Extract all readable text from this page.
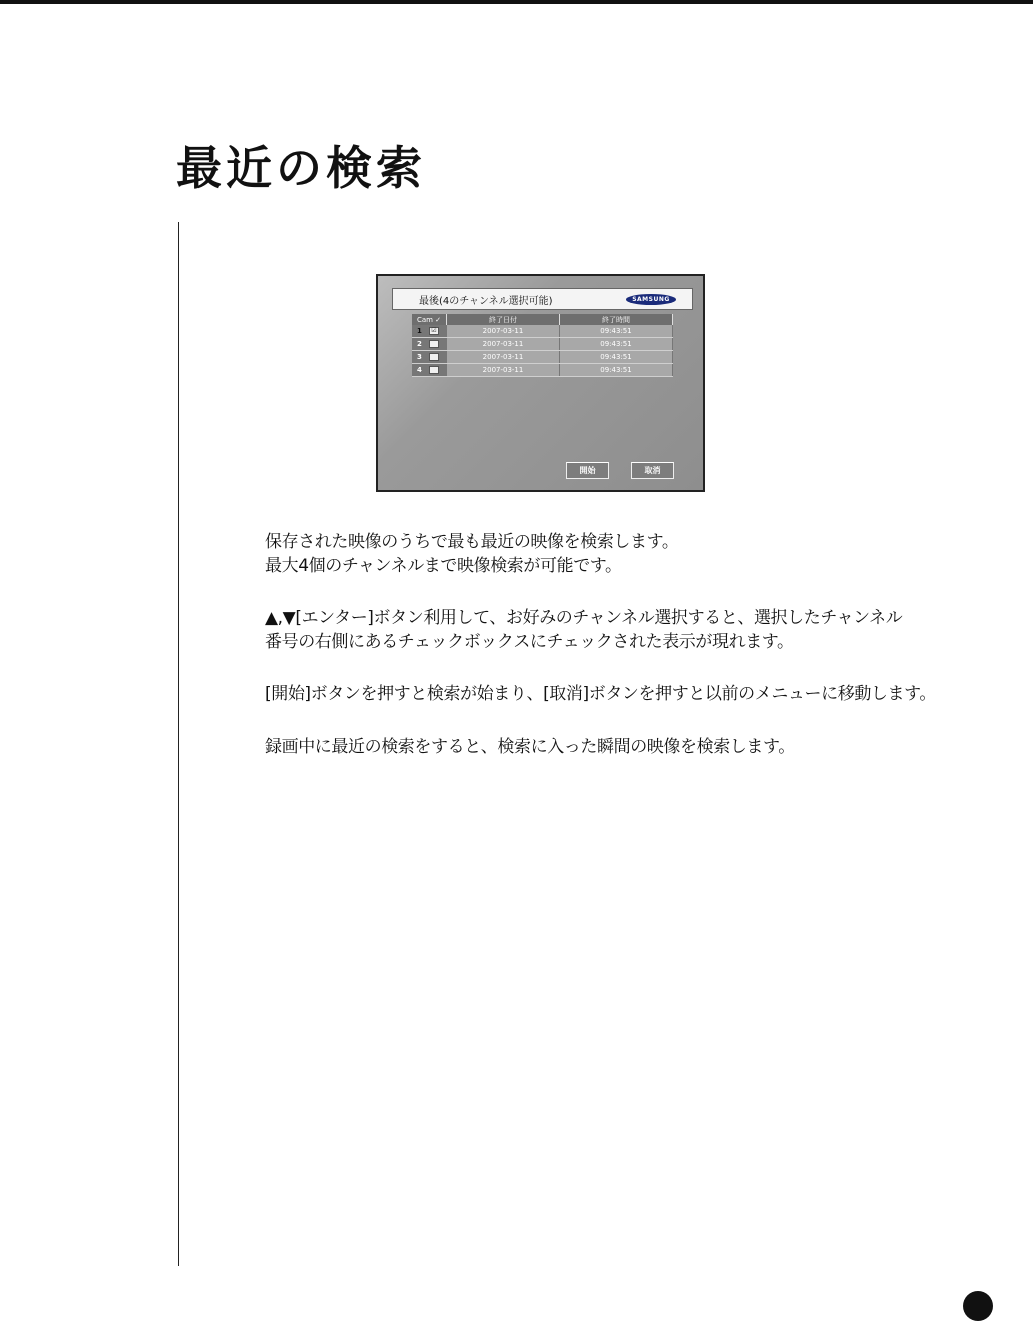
最近の検索
最後(4のチャンネル選択可能)	SAMSUNG
Cam ✓	終了日付	終了時間
1 ☑	2007-03-11	09:43:51
2	2007-03-11	09:43:51
3	2007-03-11	09:43:51
4	2007-03-11	09:43:51
開始	取消

保存された映像のうちで最も最近の映像を検索します。

最大4個のチャンネルまで映像検索が可能です。

▲,▼[エンター]ボタン利用して、お好みのチャンネル選択すると、選択したチャンネル

番号の右側にあるチェックボックスにチェックされた表示が現れます。

[開始]ボタンを押すと検索が始まり、[取消]ボタンを押すと以前のメニューに移動します。

録画中に最近の検索をすると、検索に入った瞬間の映像を検索します。
